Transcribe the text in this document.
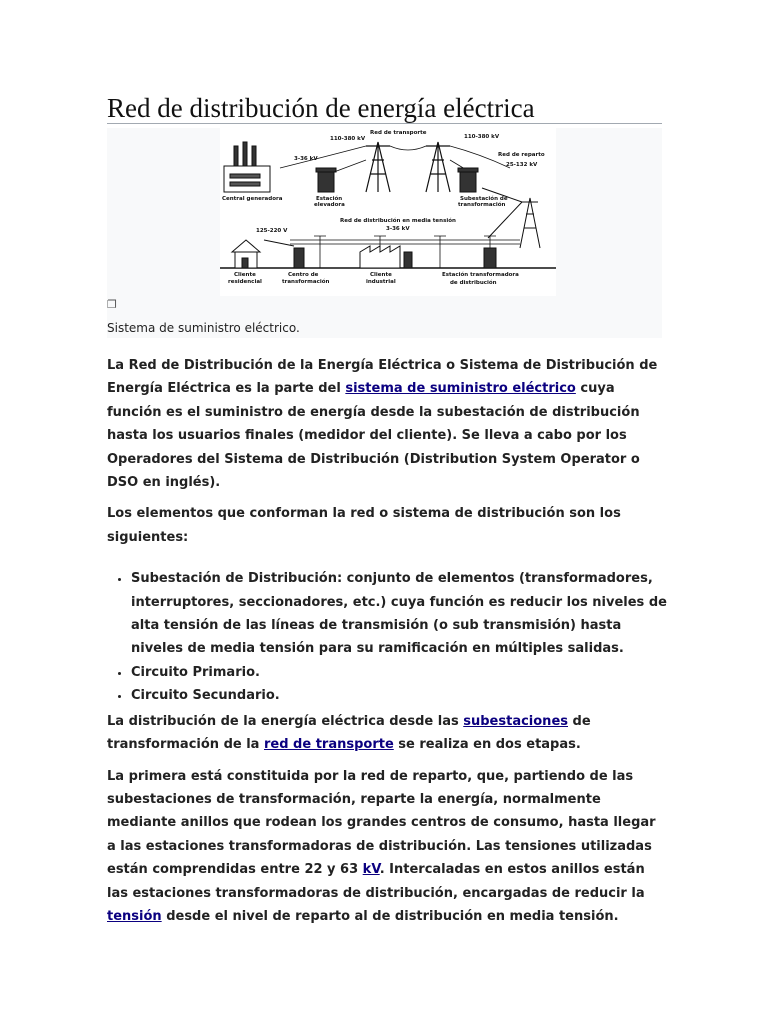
Red de distribución de energía eléctrica
Central generadora	Estación
elevadora
3-36 kV
Red de transporte
110-380 kV	110-380 kV
Subestación de
transformación
Red de reparto
25-132 kV
Red de distribución en media tensión
3-36 kV
125-220 V
Cliente
residencial
Centro de
transformación
Cliente
industrial
Estación transformadora
de distribución
❐
Sistema de suministro eléctrico.

La Red de Distribución de la Energía Eléctrica o Sistema de Distribución de Energía Eléctrica es la parte del sistema de suministro eléctrico cuya función es el suministro de energía desde la subestación de distribución hasta los usuarios finales (medidor del cliente). Se lleva a cabo por los Operadores del Sistema de Distribución (Distribution System Operator o DSO en inglés).

Los elementos que conforman la red o sistema de distribución son los siguientes:

• Subestación de Distribución: conjunto de elementos (transformadores, interruptores, seccionadores, etc.) cuya función es reducir los niveles de alta tensión de las líneas de transmisión (o sub transmisión) hasta niveles de media tensión para su ramificación en múltiples salidas.
• Circuito Primario.
• Circuito Secundario.

La distribución de la energía eléctrica desde las subestaciones de transformación de la red de transporte se realiza en dos etapas.

La primera está constituida por la red de reparto, que, partiendo de las subestaciones de transformación, reparte la energía, normalmente mediante anillos que rodean los grandes centros de consumo, hasta llegar a las estaciones transformadoras de distribución. Las tensiones utilizadas están comprendidas entre 22 y 63 kV. Intercaladas en estos anillos están las estaciones transformadoras de distribución, encargadas de reducir la tensión desde el nivel de reparto al de distribución en media tensión.
